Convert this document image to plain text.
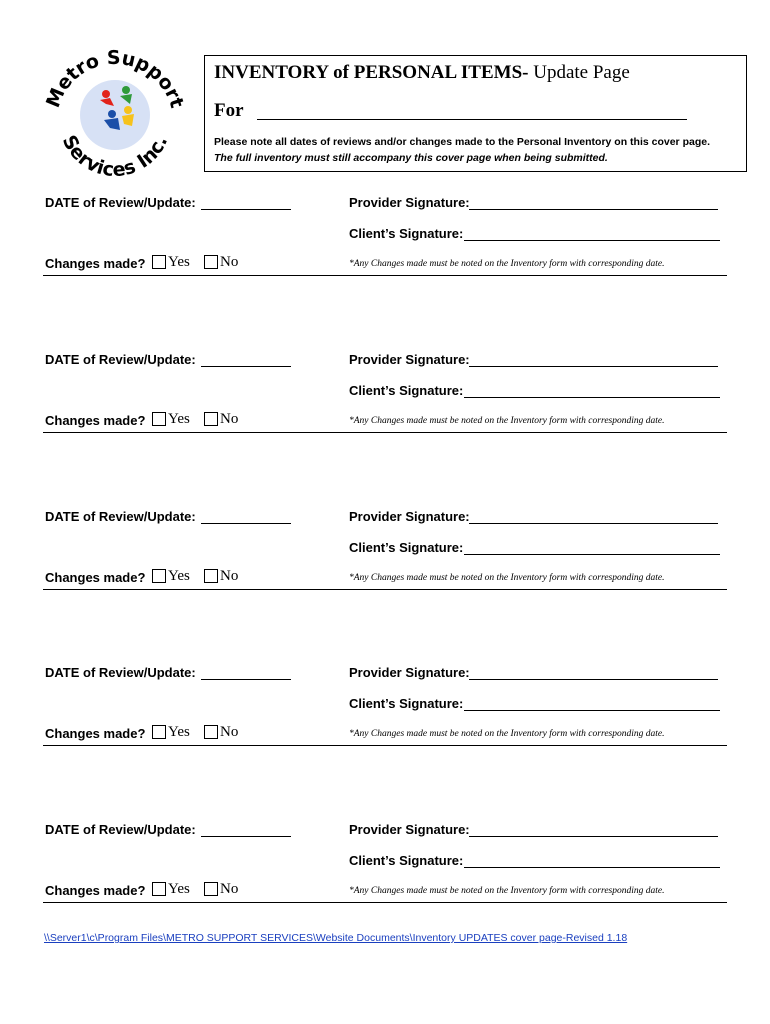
Metro Support
Services Inc.
INVENTORY of PERSONAL ITEMS- Update Page
For
Please note all dates of reviews and/or changes made to the Personal Inventory on this cover page.
The full inventory must still accompany this cover page when being submitted.
DATE of Review/Update:	Provider Signature:
Client’s Signature:
Changes made? Yes No	*Any Changes made must be noted on the Inventory form with corresponding date.
DATE of Review/Update:	Provider Signature:
Client’s Signature:
Changes made? Yes No	*Any Changes made must be noted on the Inventory form with corresponding date.
DATE of Review/Update:	Provider Signature:
Client’s Signature:
Changes made? Yes No	*Any Changes made must be noted on the Inventory form with corresponding date.
DATE of Review/Update:	Provider Signature:
Client’s Signature:
Changes made? Yes No	*Any Changes made must be noted on the Inventory form with corresponding date.
DATE of Review/Update:	Provider Signature:
Client’s Signature:
Changes made? Yes No	*Any Changes made must be noted on the Inventory form with corresponding date.
\\Server1\c\Program Files\METRO SUPPORT SERVICES\Website Documents\Inventory UPDATES cover page-Revised 1.18
